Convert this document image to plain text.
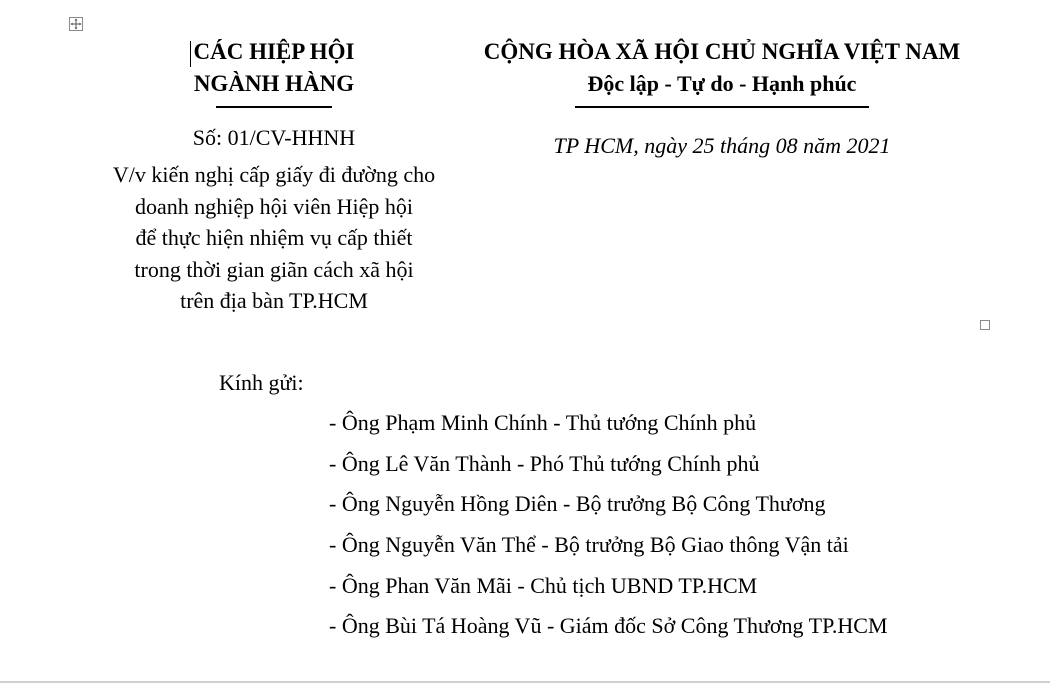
CÁC HIỆP HỘI
NGÀNH HÀNG
Số: 01/CV-HHNH
V/v kiến nghị cấp giấy đi đường cho
doanh nghiệp hội viên Hiệp hội
để thực hiện nhiệm vụ cấp thiết
trong thời gian giãn cách xã hội
trên địa bàn TP.HCM
CỘNG HÒA XÃ HỘI CHỦ NGHĨA VIỆT NAM
Độc lập - Tự do - Hạnh phúc
TP HCM, ngày 25 tháng 08 năm 2021
Kính gửi:
- Ông Phạm Minh Chính - Thủ tướng Chính phủ
- Ông Lê Văn Thành - Phó Thủ tướng Chính phủ
- Ông Nguyễn Hồng Diên - Bộ trưởng Bộ Công Thương
- Ông Nguyễn Văn Thể - Bộ trưởng Bộ Giao thông Vận tải
- Ông Phan Văn Mãi - Chủ tịch UBND TP.HCM
- Ông Bùi Tá Hoàng Vũ - Giám đốc Sở Công Thương TP.HCM
